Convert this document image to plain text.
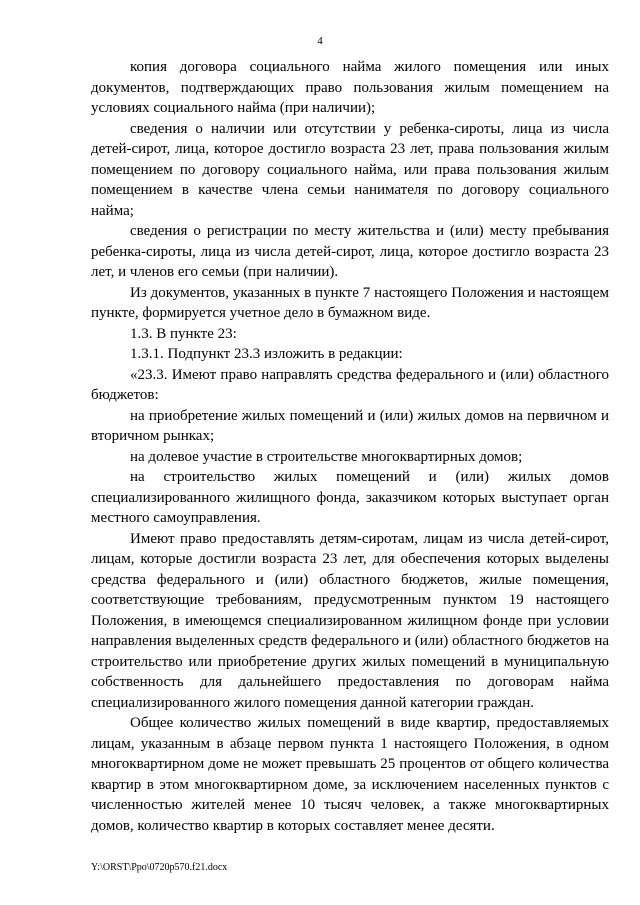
4

копия договора социального найма жилого помещения или иных документов, подтверждающих право пользования жилым помещением на условиях социального найма (при наличии);

сведения о наличии или отсутствии у ребенка-сироты, лица из числа детей-сирот, лица, которое достигло возраста 23 лет, права пользования жилым помещением по договору социального найма, или права пользования жилым помещением в качестве члена семьи нанимателя по договору социального найма;

сведения о регистрации по месту жительства и (или) месту пребывания ребенка-сироты, лица из числа детей-сирот, лица, которое достигло возраста 23 лет, и членов его семьи (при наличии).

Из документов, указанных в пункте 7 настоящего Положения и настоящем пункте, формируется учетное дело в бумажном виде.

1.3. В пункте 23:

1.3.1. Подпункт 23.3 изложить в редакции:

«23.3. Имеют право направлять средства федерального и (или) областного бюджетов:

на приобретение жилых помещений и (или) жилых домов на первичном и вторичном рынках;

на долевое участие в строительстве многоквартирных домов;

на строительство жилых помещений и (или) жилых домов специализированного жилищного фонда, заказчиком которых выступает орган местного самоуправления.

Имеют право предоставлять детям-сиротам, лицам из числа детей-сирот, лицам, которые достигли возраста 23 лет, для обеспечения которых выделены средства федерального и (или) областного бюджетов, жилые помещения, соответствующие требованиям, предусмотренным пунктом 19 настоящего Положения, в имеющемся специализированном жилищном фонде при условии направления выделенных средств федерального и (или) областного бюджетов на строительство или приобретение других жилых помещений в муниципальную собственность для дальнейшего предоставления по договорам найма специализированного жилого помещения данной категории граждан.

Общее количество жилых помещений в виде квартир, предоставляемых лицам, указанным в абзаце первом пункта 1 настоящего Положения, в одном многоквартирном доме не может превышать 25 процентов от общего количества квартир в этом многоквартирном доме, за исключением населенных пунктов с численностью жителей менее 10 тысяч человек, а также многоквартирных домов, количество квартир в которых составляет менее десяти.

Y:\ORST\Ppo\0720p570.f21.docx
